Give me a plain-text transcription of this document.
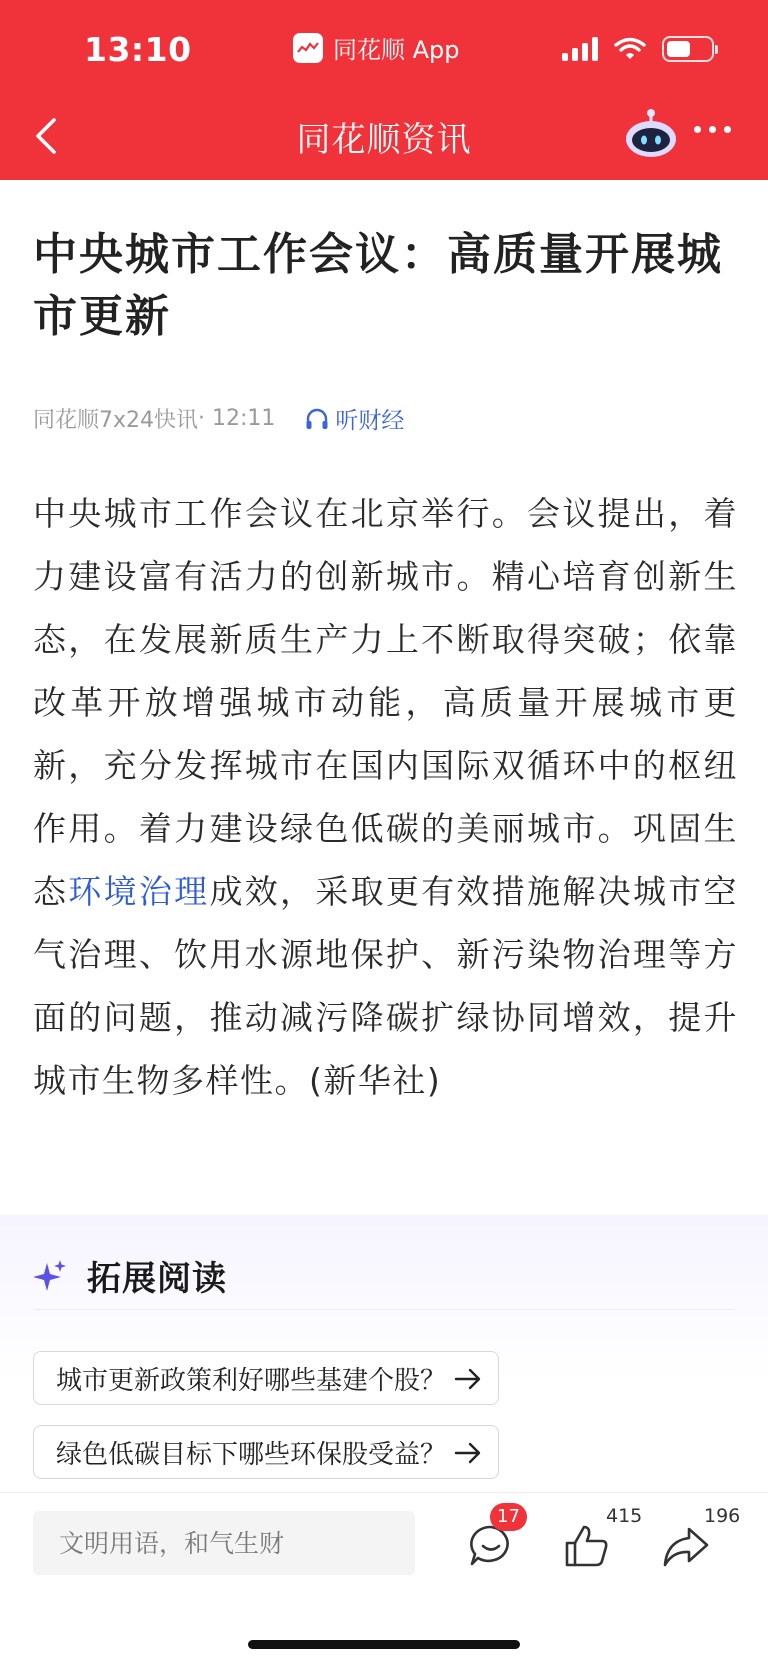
13:10	同花顺 App
同花顺资讯
中央城市工作会议：高质量开展城市更新
同花顺7x24快讯 · 12:11	听财经

中央城市工作会议在北京举行。会议提出，着力建设富有活力的创新城市。精心培育创新生态，在发展新质生产力上不断取得突破；依靠改革开放增强城市动能，高质量开展城市更新，充分发挥城市在国内国际双循环中的枢纽作用。着力建设绿色低碳的美丽城市。巩固生态环境治理成效，采取更有效措施解决城市空气治理、饮用水源地保护、新污染物治理等方面的问题，推动减污降碳扩绿协同增效，提升城市生物多样性。(新华社)

拓展阅读
城市更新政策利好哪些基建个股？
绿色低碳目标下哪些环保股受益？
文明用语，和气生财
17	415	196
